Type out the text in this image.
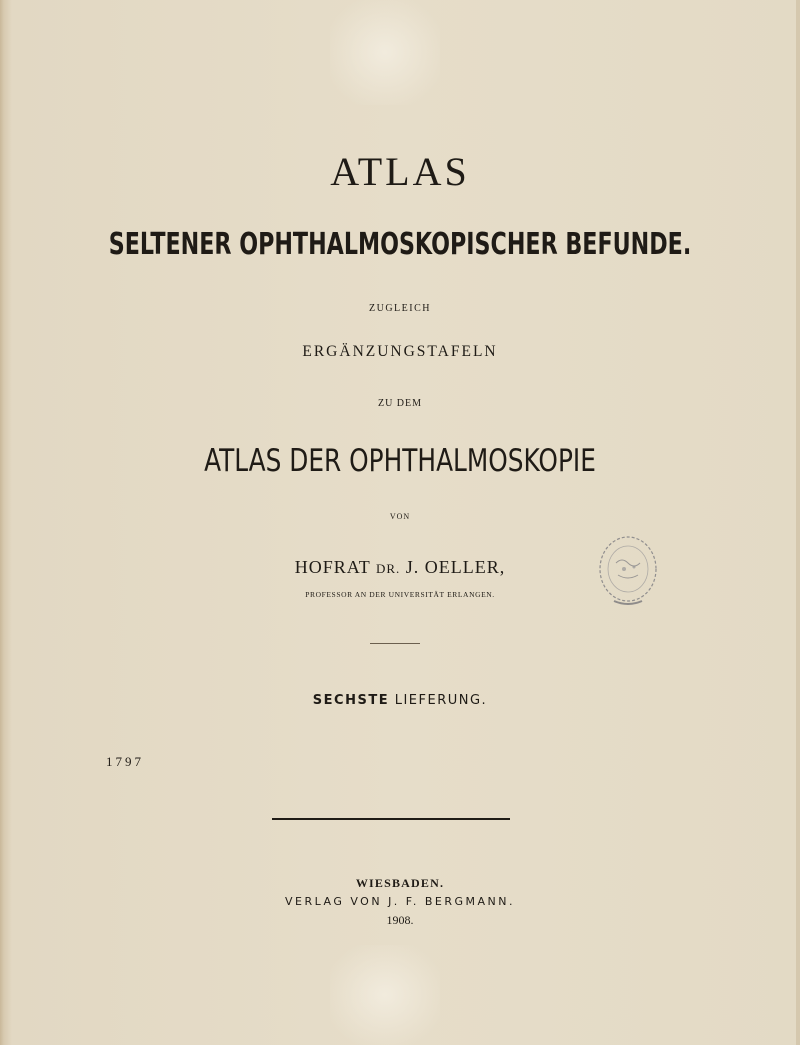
ATLAS
SELTENER OPHTHALMOSKOPISCHER BEFUNDE.
ZUGLEICH
ERGÄNZUNGSTAFELN
ZU DEM
ATLAS DER OPHTHALMOSKOPIE
VON
HOFRAT DR. J. OELLER,
PROFESSOR AN DER UNIVERSITÄT ERLANGEN.
SECHSTE LIEFERUNG.
1797
WIESBADEN.
VERLAG VON J. F. BERGMANN.
1908.
